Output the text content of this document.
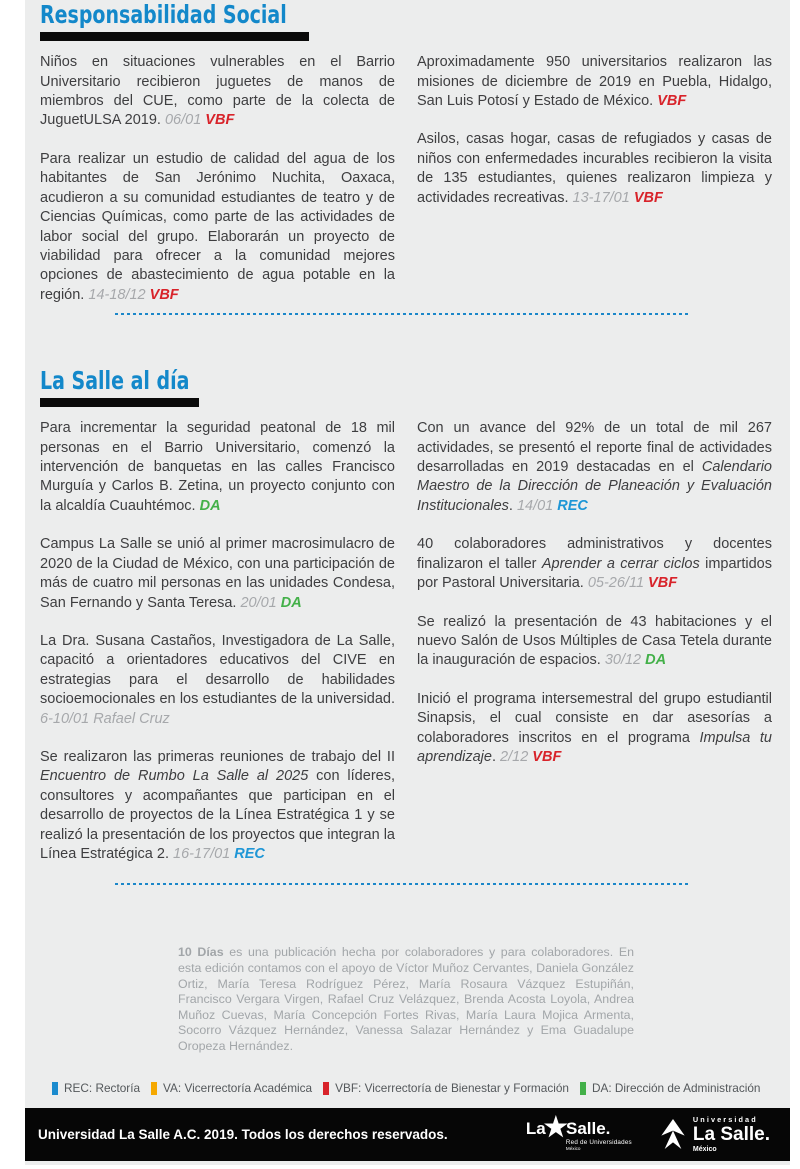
Responsabilidad Social

Niños en situaciones vulnerables en el Barrio Universitario recibieron juguetes de manos de miembros del CUE, como parte de la colecta de JuguetULSA 2019. 06/01 VBF

Para realizar un estudio de calidad del agua de los habitantes de San Jerónimo Nuchita, Oaxaca, acudieron a su comunidad estudiantes de teatro y de Ciencias Químicas, como parte de las actividades de labor social del grupo. Elaborarán un proyecto de viabilidad para ofrecer a la comunidad mejores opciones de abastecimiento de agua potable en la región. 14-18/12 VBF

Aproximadamente 950 universitarios realizaron las misiones de diciembre de 2019 en Puebla, Hidalgo, San Luis Potosí y Estado de México. VBF

Asilos, casas hogar, casas de refugiados y casas de niños con enfermedades incurables recibieron la visita de 135 estudiantes, quienes realizaron limpieza y actividades recreativas. 13-17/01 VBF

La Salle al día

Para incrementar la seguridad peatonal de 18 mil personas en el Barrio Universitario, comenzó la intervención de banquetas en las calles Francisco Murguía y Carlos B. Zetina, un proyecto conjunto con la alcaldía Cuauhtémoc. DA

Campus La Salle se unió al primer macrosimulacro de 2020 de la Ciudad de México, con una participación de más de cuatro mil personas en las unidades Condesa, San Fernando y Santa Teresa. 20/01 DA

La Dra. Susana Castaños, Investigadora de La Salle, capacitó a orientadores educativos del CIVE en estrategias para el desarrollo de habilidades socioemocionales en los estudiantes de la universidad. 6-10/01 Rafael Cruz

Se realizaron las primeras reuniones de trabajo del II Encuentro de Rumbo La Salle al 2025 con líderes, consultores y acompañantes que participan en el desarrollo de proyectos de la Línea Estratégica 1 y se realizó la presentación de los proyectos que integran la Línea Estratégica 2. 16-17/01 REC

Con un avance del 92% de un total de mil 267 actividades, se presentó el reporte final de actividades desarrolladas en 2019 destacadas en el Calendario Maestro de la Dirección de Planeación y Evaluación Institucionales. 14/01 REC

40 colaboradores administrativos y docentes finalizaron el taller Aprender a cerrar ciclos impartidos por Pastoral Universitaria. 05-26/11 VBF

Se realizó la presentación de 43 habitaciones y el nuevo Salón de Usos Múltiples de Casa Tetela durante la inauguración de espacios. 30/12 DA

Inició el programa intersemestral del grupo estudiantil Sinapsis, el cual consiste en dar asesorías a colaboradores inscritos en el programa Impulsa tu aprendizaje. 2/12 VBF

10 Días es una publicación hecha por colaboradores y para colaboradores. En esta edición contamos con el apoyo de Víctor Muñoz Cervantes, Daniela González Ortiz, María Teresa Rodríguez Pérez, María Rosaura Vázquez Estupiñán, Francisco Vergara Virgen, Rafael Cruz Velázquez, Brenda Acosta Loyola, Andrea Muñoz Cuevas, María Concepción Fortes Rivas, María Laura Mojica Armenta, Socorro Vázquez Hernández, Vanessa Salazar Hernández y Ema Guadalupe Oropeza Hernández.

REC: Rectoría VA: Vicerrectoría Académica VBF: Vicerrectoría de Bienestar y Formación DA: Dirección de Administración
Universidad La Salle A.C. 2019. Todos los derechos reservados.	La
★
Salle.
Red de Universidades
México
Universidad
La Salle.
México
